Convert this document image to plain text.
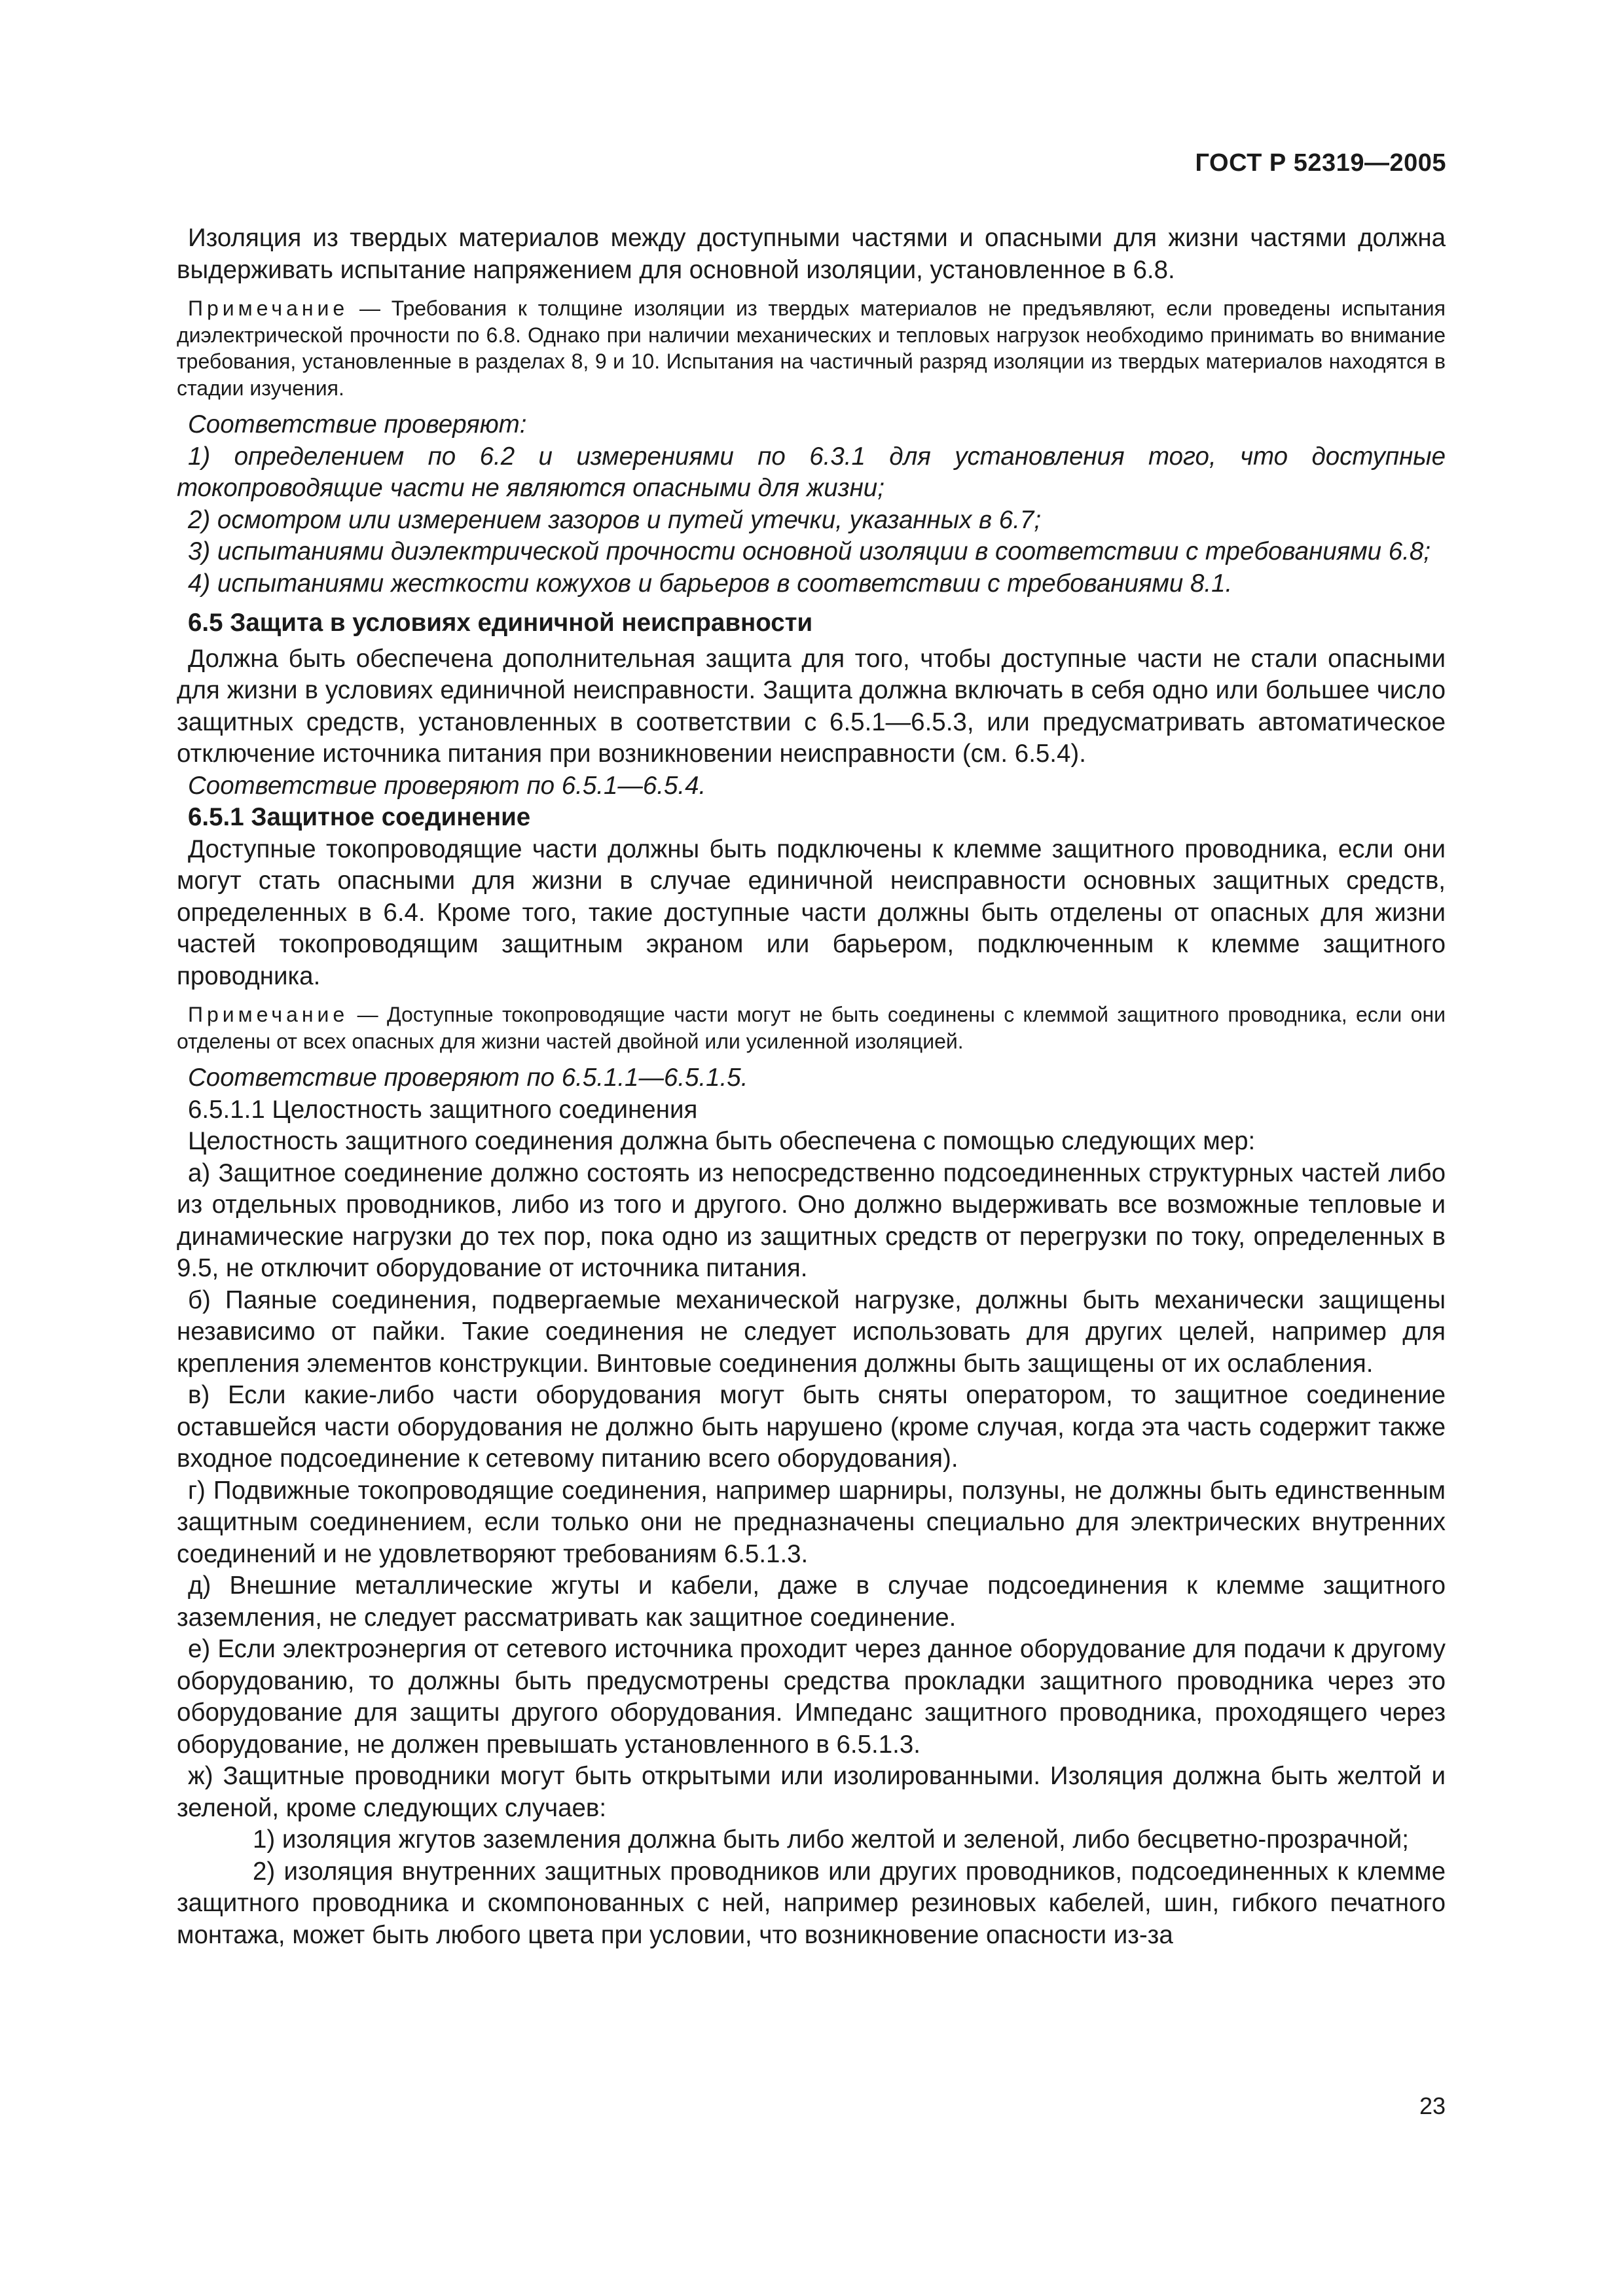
ГОСТ Р 52319—2005

Изоляция из твердых материалов между доступными частями и опасными для жизни частями должна выдерживать испытание напряжением для основной изоляции, установленное в 6.8.

Примечание — Требования к толщине изоляции из твердых материалов не предъявляют, если проведены испытания диэлектрической прочности по 6.8. Однако при наличии механических и тепловых нагрузок необходимо принимать во внимание требования, установленные в разделах 8, 9 и 10. Испытания на частичный разряд изоляции из твердых материалов находятся в стадии изучения.

Соответствие проверяют:

1) определением по 6.2 и измерениями по 6.3.1 для установления того, что доступные токопроводящие части не являются опасными для жизни;

2) осмотром или измерением зазоров и путей утечки, указанных в 6.7;

3) испытаниями диэлектрической прочности основной изоляции в соответствии с требованиями 6.8;

4) испытаниями жесткости кожухов и барьеров в соответствии с требованиями 8.1.

6.5 Защита в условиях единичной неисправности

Должна быть обеспечена дополнительная защита для того, чтобы доступные части не стали опасными для жизни в условиях единичной неисправности. Защита должна включать в себя одно или большее число защитных средств, установленных в соответствии с 6.5.1—6.5.3, или предусматривать автоматическое отключение источника питания при возникновении неисправности (см. 6.5.4).

Соответствие проверяют по 6.5.1—6.5.4.

6.5.1 Защитное соединение

Доступные токопроводящие части должны быть подключены к клемме защитного проводника, если они могут стать опасными для жизни в случае единичной неисправности основных защитных средств, определенных в 6.4. Кроме того, такие доступные части должны быть отделены от опасных для жизни частей токопроводящим защитным экраном или барьером, подключенным к клемме защитного проводника.

Примечание — Доступные токопроводящие части могут не быть соединены с клеммой защитного проводника, если они отделены от всех опасных для жизни частей двойной или усиленной изоляцией.

Соответствие проверяют по 6.5.1.1—6.5.1.5.

6.5.1.1 Целостность защитного соединения

Целостность защитного соединения должна быть обеспечена с помощью следующих мер:

а) Защитное соединение должно состоять из непосредственно подсоединенных структурных частей либо из отдельных проводников, либо из того и другого. Оно должно выдерживать все возможные тепловые и динамические нагрузки до тех пор, пока одно из защитных средств от перегрузки по току, определенных в 9.5, не отключит оборудование от источника питания.

б) Паяные соединения, подвергаемые механической нагрузке, должны быть механически защищены независимо от пайки. Такие соединения не следует использовать для других целей, например для крепления элементов конструкции. Винтовые соединения должны быть защищены от их ослабления.

в) Если какие-либо части оборудования могут быть сняты оператором, то защитное соединение оставшейся части оборудования не должно быть нарушено (кроме случая, когда эта часть содержит также входное подсоединение к сетевому питанию всего оборудования).

г) Подвижные токопроводящие соединения, например шарниры, ползуны, не должны быть единственным защитным соединением, если только они не предназначены специально для электрических внутренних соединений и не удовлетворяют требованиям 6.5.1.3.

д) Внешние металлические жгуты и кабели, даже в случае подсоединения к клемме защитного заземления, не следует рассматривать как защитное соединение.

е) Если электроэнергия от сетевого источника проходит через данное оборудование для подачи к другому оборудованию, то должны быть предусмотрены средства прокладки защитного проводника через это оборудование для защиты другого оборудования. Импеданс защитного проводника, проходящего через оборудование, не должен превышать установленного в 6.5.1.3.

ж) Защитные проводники могут быть открытыми или изолированными. Изоляция должна быть желтой и зеленой, кроме следующих случаев:

1) изоляция жгутов заземления должна быть либо желтой и зеленой, либо бесцветно-прозрачной;

2) изоляция внутренних защитных проводников или других проводников, подсоединенных к клемме защитного проводника и скомпонованных с ней, например резиновых кабелей, шин, гибкого печатного монтажа, может быть любого цвета при условии, что возникновение опасности из-за

23
